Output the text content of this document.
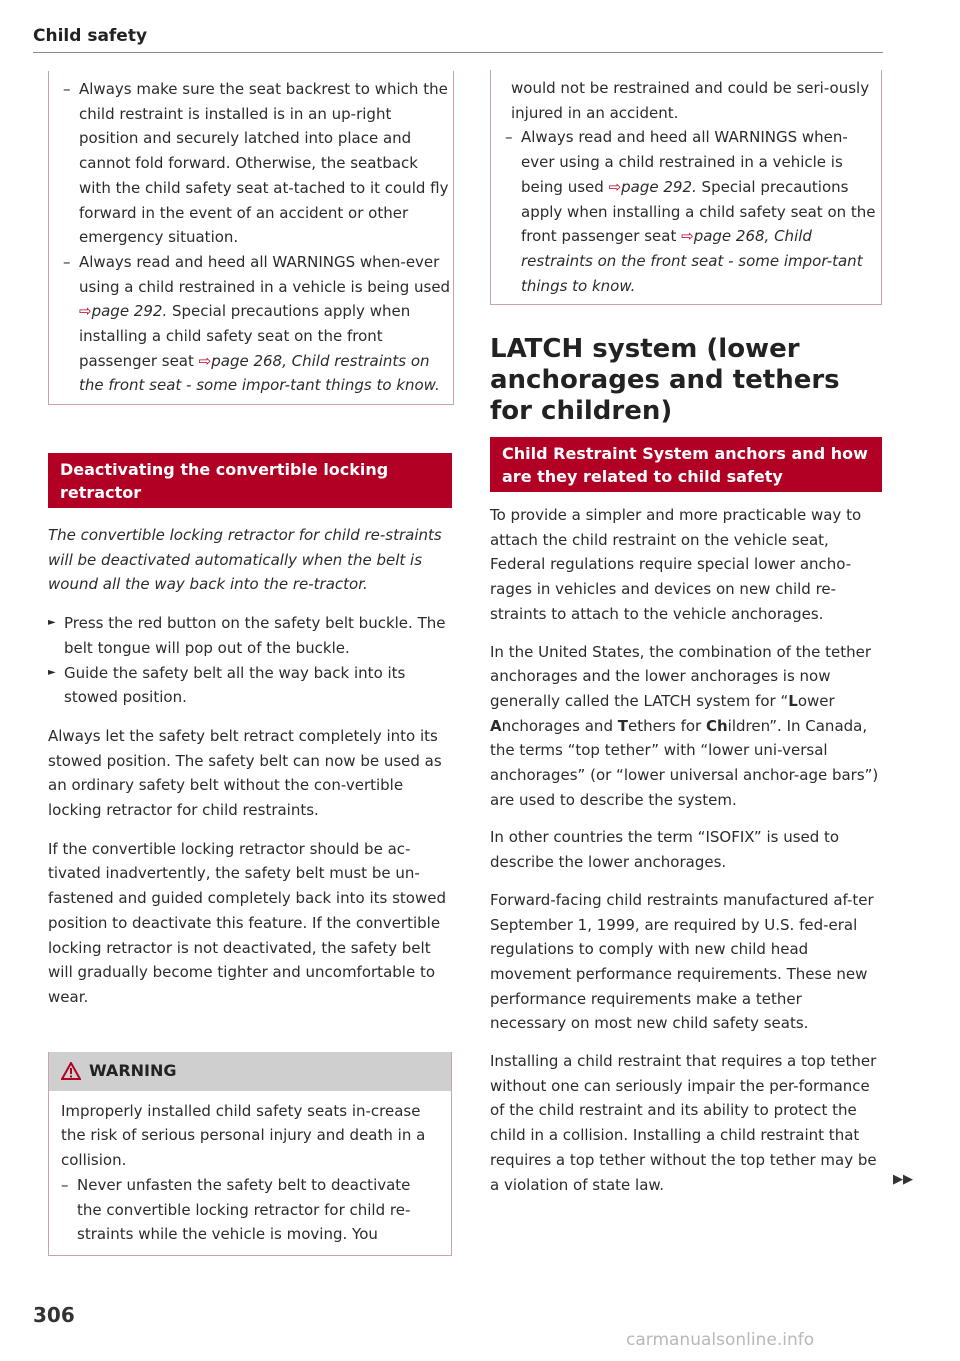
Child safety
– Always make sure the seat backrest to which the child restraint is installed is in an up-right position and securely latched into place and cannot fold forward. Otherwise, the seatback with the child safety seat at-tached to it could fly forward in the event of an accident or other emergency situation.
– Always read and heed all WARNINGS when-ever using a child restrained in a vehicle is being used ⇨page 292. Special precautions apply when installing a child safety seat on the front passenger seat ⇨page 268, Child restraints on the front seat - some impor-tant things to know.
Deactivating the convertible locking retractor

The convertible locking retractor for child re-straints will be deactivated automatically when the belt is wound all the way back into the re-tractor.

► Press the red button on the safety belt buckle. The belt tongue will pop out of the buckle.
► Guide the safety belt all the way back into its stowed position.

Always let the safety belt retract completely into its stowed position. The safety belt can now be used as an ordinary safety belt without the con-vertible locking retractor for child restraints.

If the convertible locking retractor should be ac-tivated inadvertently, the safety belt must be un-fastened and guided completely back into its stowed position to deactivate this feature. If the convertible locking retractor is not deactivated, the safety belt will gradually become tighter and uncomfortable to wear.

WARNING

Improperly installed child safety seats in-crease the risk of serious personal injury and death in a collision.

– Never unfasten the safety belt to deactivate the convertible locking retractor for child re-straints while the vehicle is moving. You

would not be restrained and could be seri-ously injured in an accident.

– Always read and heed all WARNINGS when-ever using a child restrained in a vehicle is being used ⇨page 292. Special precautions apply when installing a child safety seat on the front passenger seat ⇨page 268, Child restraints on the front seat - some impor-tant things to know.
LATCH system (lower anchorages and tethers for children)
Child Restraint System anchors and how are they related to child safety

To provide a simpler and more practicable way to attach the child restraint on the vehicle seat, Federal regulations require special lower ancho-rages in vehicles and devices on new child re-straints to attach to the vehicle anchorages.

In the United States, the combination of the tether anchorages and the lower anchorages is now generally called the LATCH system for “Lower Anchorages and Tethers for Children”. In Canada, the terms “top tether” with “lower uni-versal anchorages” (or “lower universal anchor-age bars”) are used to describe the system.

In other countries the term “ISOFIX” is used to describe the lower anchorages.

Forward-facing child restraints manufactured af-ter September 1, 1999, are required by U.S. fed-eral regulations to comply with new child head movement performance requirements. These new performance requirements make a tether necessary on most new child safety seats.

Installing a child restraint that requires a top tether without one can seriously impair the per-formance of the child restraint and its ability to protect the child in a collision. Installing a child restraint that requires a top tether without the top tether may be a violation of state law.	▶▶
306
carmanualsonline.info
